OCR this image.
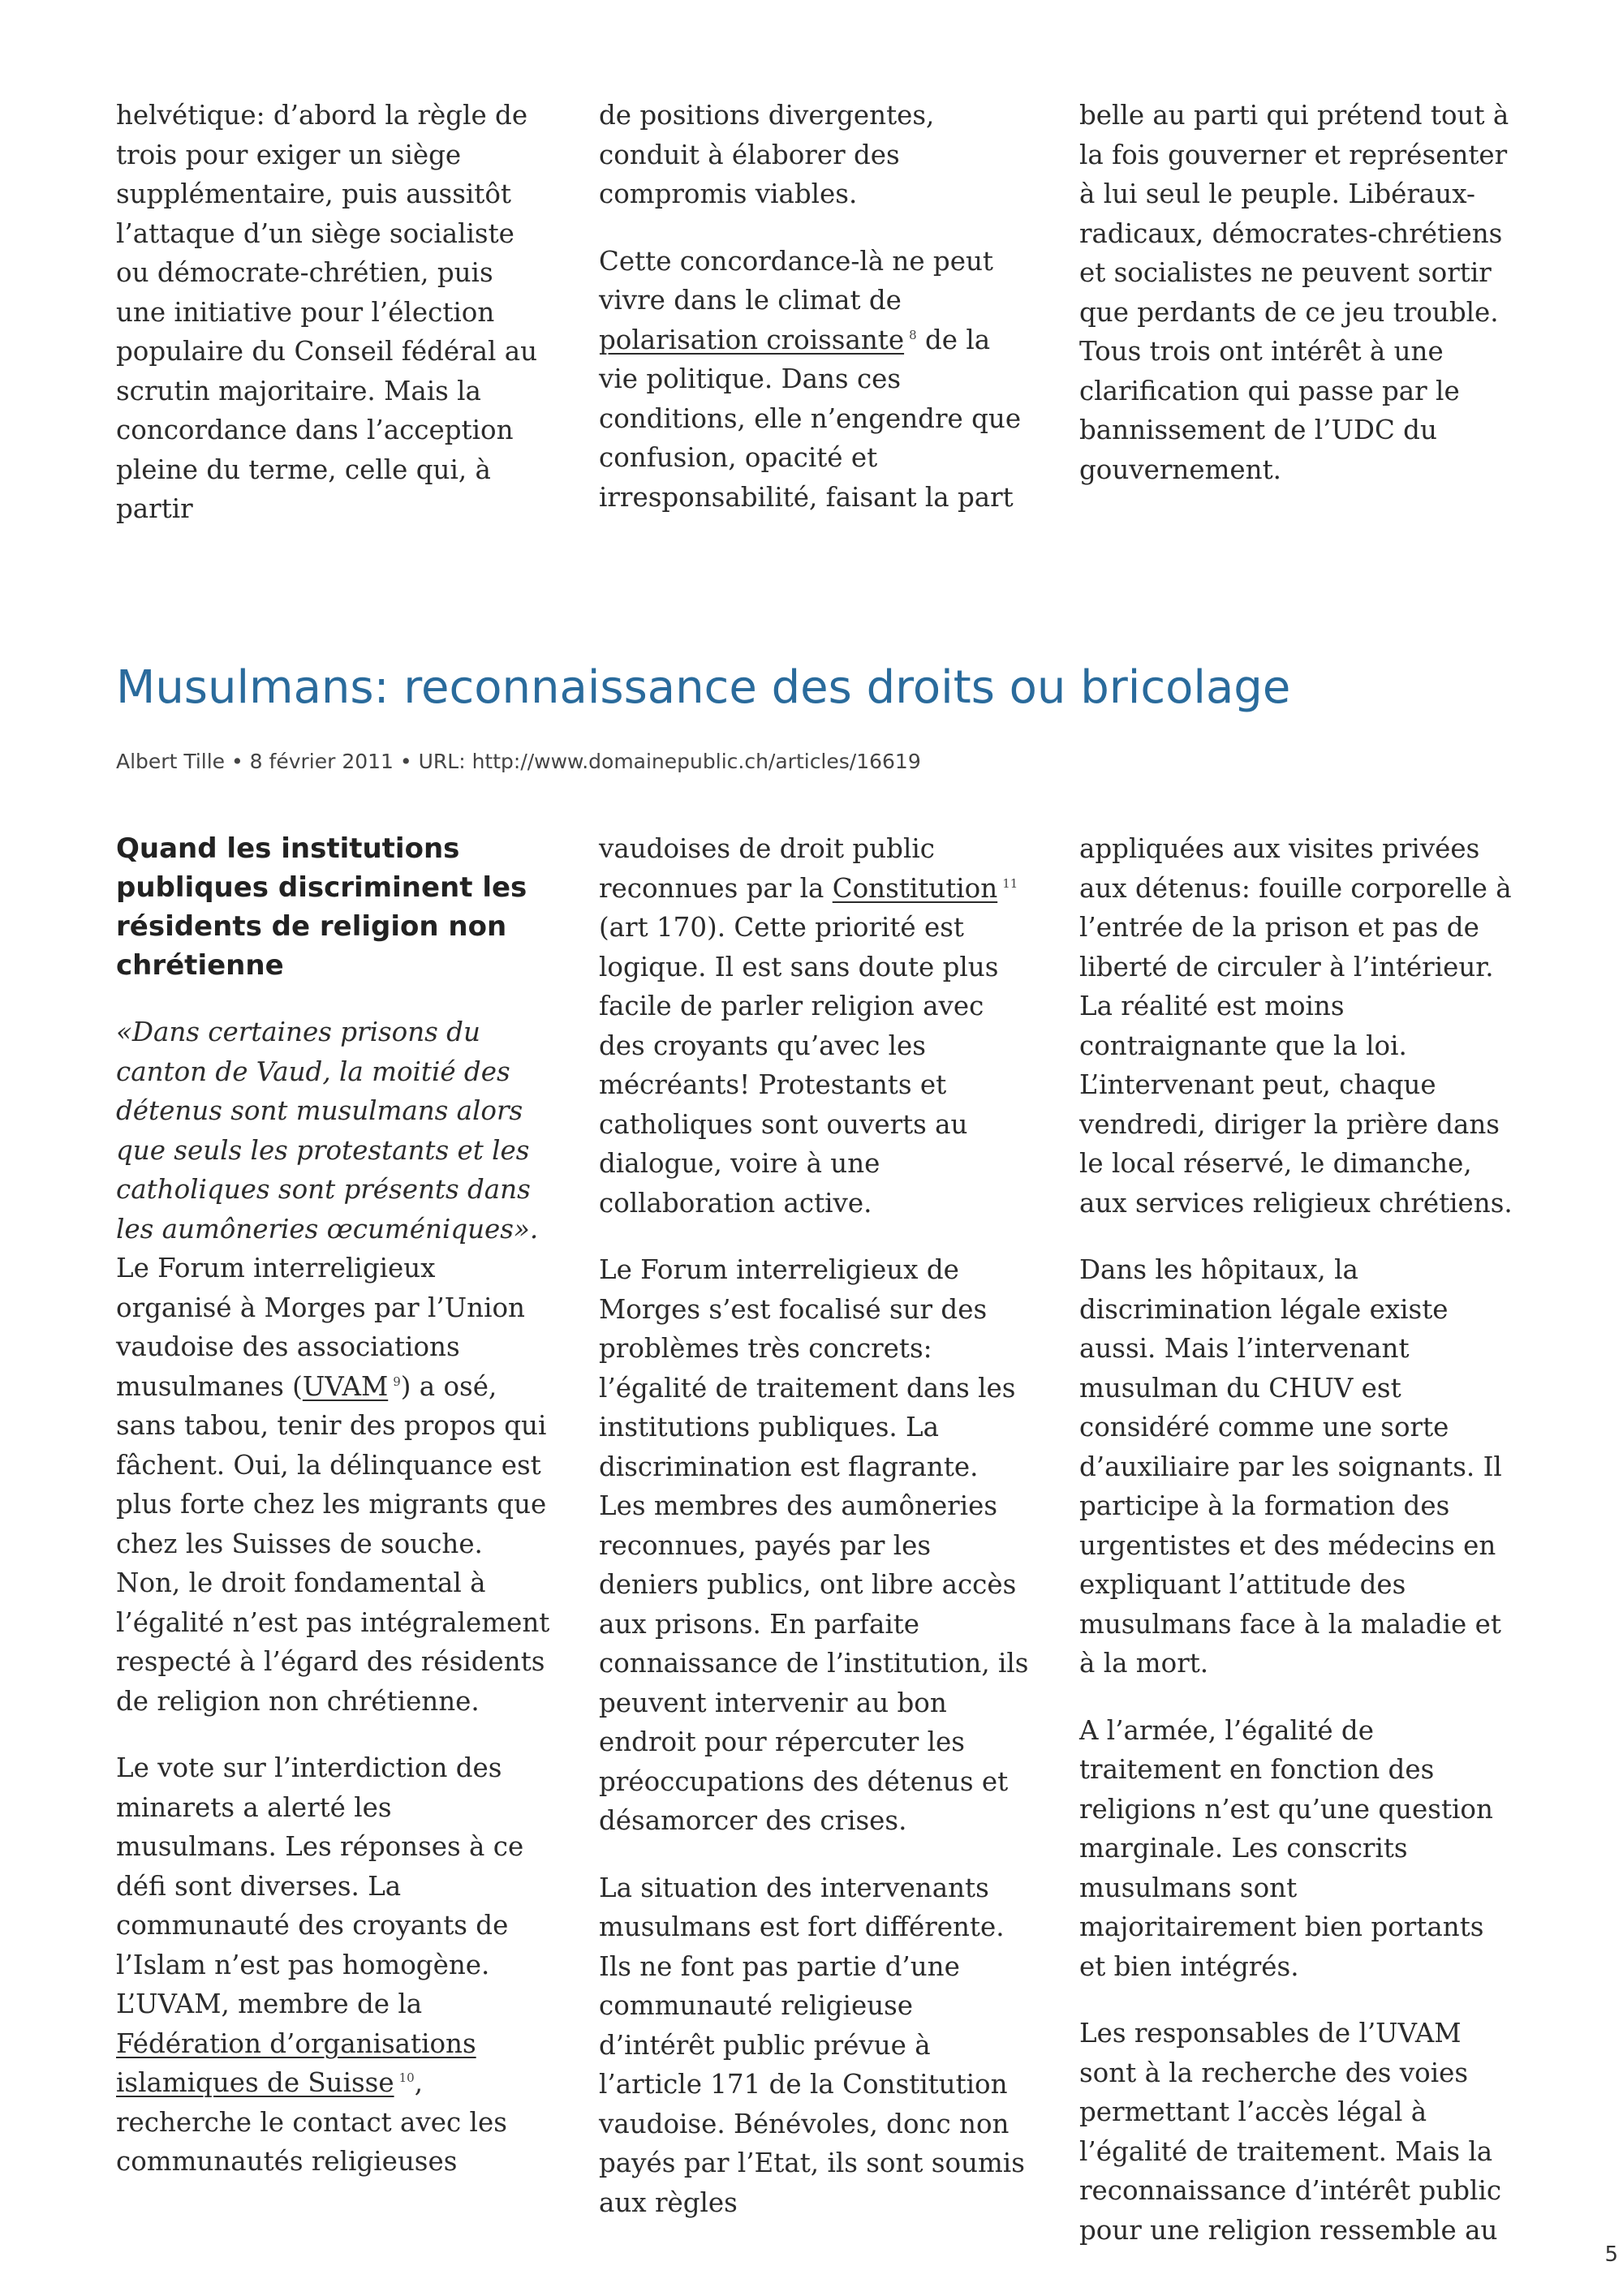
helvétique: d’abord la règle de trois pour exiger un siège supplémentaire, puis aussitôt l’attaque d’un siège socialiste ou démocrate-chrétien, puis une initiative pour l’élection populaire du Conseil fédéral au scrutin majoritaire. Mais la concordance dans l’acception pleine du terme, celle qui, à partir

de positions divergentes, conduit à élaborer des compromis viables.

Cette concordance-là ne peut vivre dans le climat de polarisation croissante $^8$ de la vie politique. Dans ces conditions, elle n’engendre que confusion, opacité et irresponsabilité, faisant la part

belle au parti qui prétend tout à la fois gouverner et représenter à lui seul le peuple. Libéraux-radicaux, démocrates-chrétiens et socialistes ne peuvent sortir que perdants de ce jeu trouble. Tous trois ont intérêt à une clarification qui passe par le bannissement de l’UDC du gouvernement.

Musulmans: reconnaissance des droits ou bricolage
Albert Tille • 8 février 2011 • URL: http://www.domainepublic.ch/articles/16619
Quand les institutions publiques discriminent les résidents de religion non chrétienne

«Dans certaines prisons du canton de Vaud, la moitié des détenus sont musulmans alors que seuls les protestants et les catholiques sont présents dans les aumôneries œcuméniques». Le Forum interreligieux organisé à Morges par l’Union vaudoise des associations musulmanes (UVAM $^9$) a osé, sans tabou, tenir des propos qui fâchent. Oui, la délinquance est plus forte chez les migrants que chez les Suisses de souche. Non, le droit fondamental à l’égalité n’est pas intégralement respecté à l’égard des résidents de religion non chrétienne.

Le vote sur l’interdiction des minarets a alerté les musulmans. Les réponses à ce défi sont diverses. La communauté des croyants de l’Islam n’est pas homogène. L’UVAM, membre de la Fédération d’organisations islamiques de Suisse $^{10}$, recherche le contact avec les communautés religieuses

vaudoises de droit public reconnues par la Constitution $^{11}$ (art 170). Cette priorité est logique. Il est sans doute plus facile de parler religion avec des croyants qu’avec les mécréants! Protestants et catholiques sont ouverts au dialogue, voire à une collaboration active.

Le Forum interreligieux de Morges s’est focalisé sur des problèmes très concrets: l’égalité de traitement dans les institutions publiques. La discrimination est flagrante. Les membres des aumôneries reconnues, payés par les deniers publics, ont libre accès aux prisons. En parfaite connaissance de l’institution, ils peuvent intervenir au bon endroit pour répercuter les préoccupations des détenus et désamorcer des crises.

La situation des intervenants musulmans est fort différente. Ils ne font pas partie d’une communauté religieuse d’intérêt public prévue à l’article 171 de la Constitution vaudoise. Bénévoles, donc non payés par l’Etat, ils sont soumis aux règles

appliquées aux visites privées aux détenus: fouille corporelle à l’entrée de la prison et pas de liberté de circuler à l’intérieur. La réalité est moins contraignante que la loi. L’intervenant peut, chaque vendredi, diriger la prière dans le local réservé, le dimanche, aux services religieux chrétiens.

Dans les hôpitaux, la discrimination légale existe aussi. Mais l’intervenant musulman du CHUV est considéré comme une sorte d’auxiliaire par les soignants. Il participe à la formation des urgentistes et des médecins en expliquant l’attitude des musulmans face à la maladie et à la mort.

A l’armée, l’égalité de traitement en fonction des religions n’est qu’une question marginale. Les conscrits musulmans sont majoritairement bien portants et bien intégrés.

Les responsables de l’UVAM sont à la recherche des voies permettant l’accès légal à l’égalité de traitement. Mais la reconnaissance d’intérêt public pour une religion ressemble au

5
